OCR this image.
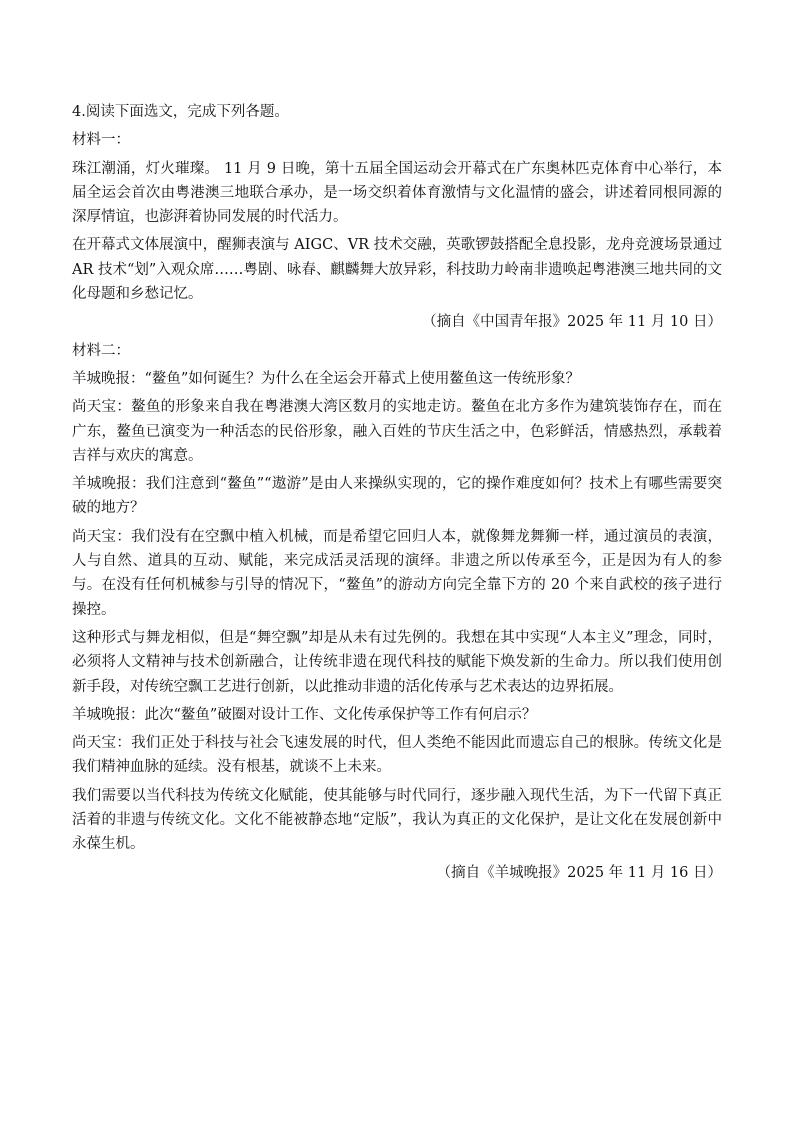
4.阅读下面选文，完成下列各题。

材料一：

珠江潮涌，灯火璀璨。 11 月 9 日晚，第十五届全国运动会开幕式在广东奥林匹克体育中心举行，本届全运会首次由粤港澳三地联合承办，是一场交织着体育激情与文化温情的盛会，讲述着同根同源的深厚情谊，也澎湃着协同发展的时代活力。

在开幕式文体展演中，醒狮表演与 AIGC、VR 技术交融，英歌锣鼓搭配全息投影，龙舟竞渡场景通过 AR 技术“划”入观众席……粤剧、咏春、麒麟舞大放异彩，科技助力岭南非遗唤起粤港澳三地共同的文化母题和乡愁记忆。

（摘自《中国青年报》2025 年 11 月 10 日）

材料二：

羊城晚报：“鳌鱼”如何诞生？为什么在全运会开幕式上使用鳌鱼这一传统形象？

尚天宝：鳌鱼的形象来自我在粤港澳大湾区数月的实地走访。鳌鱼在北方多作为建筑装饰存在，而在广东，鳌鱼已演变为一种活态的民俗形象，融入百姓的节庆生活之中，色彩鲜活，情感热烈，承载着吉祥与欢庆的寓意。

羊城晚报：我们注意到“鳌鱼”“遨游”是由人来操纵实现的，它的操作难度如何？技术上有哪些需要突破的地方？

尚天宝：我们没有在空飘中植入机械，而是希望它回归人本，就像舞龙舞狮一样，通过演员的表演，人与自然、道具的互动、赋能，来完成活灵活现的演绎。非遗之所以传承至今，正是因为有人的参与。在没有任何机械参与引导的情况下，“鳌鱼”的游动方向完全靠下方的 20 个来自武校的孩子进行操控。

这种形式与舞龙相似，但是“舞空飘”却是从未有过先例的。我想在其中实现“人本主义”理念，同时，必须将人文精神与技术创新融合，让传统非遗在现代科技的赋能下焕发新的生命力。所以我们使用创新手段，对传统空飘工艺进行创新，以此推动非遗的活化传承与艺术表达的边界拓展。

羊城晚报：此次“鳌鱼”破圈对设计工作、文化传承保护等工作有何启示？

尚天宝：我们正处于科技与社会飞速发展的时代，但人类绝不能因此而遗忘自己的根脉。传统文化是我们精神血脉的延续。没有根基，就谈不上未来。

我们需要以当代科技为传统文化赋能，使其能够与时代同行，逐步融入现代生活，为下一代留下真正活着的非遗与传统文化。文化不能被静态地“定版”，我认为真正的文化保护，是让文化在发展创新中永葆生机。

（摘自《羊城晚报》2025 年 11 月 16 日）
